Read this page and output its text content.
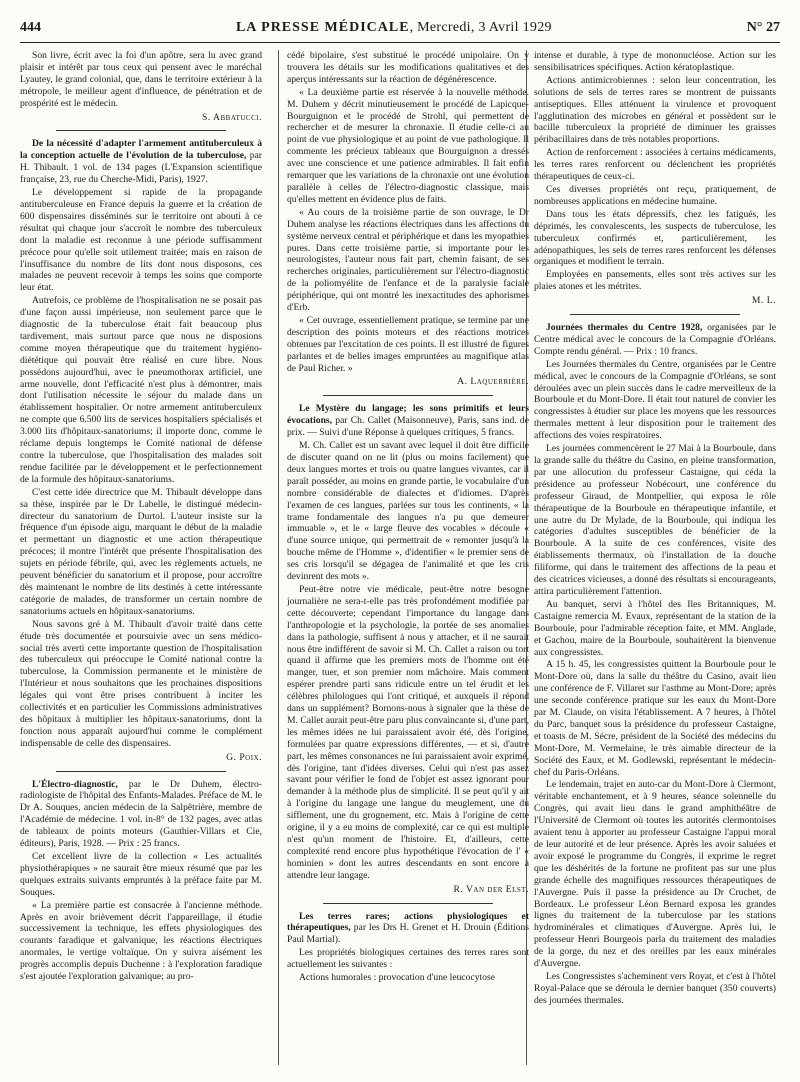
444	LA PRESSE MÉDICALE, Mercredi, 3 Avril 1929	N° 27

Son livre, écrit avec la foi d'un apôtre, sera lu avec grand plaisir et intérêt par tous ceux qui pensent avec le maréchal Lyautey, le grand colonial, que, dans le territoire extérieur à la métropole, le meilleur agent d'influence, de pénétration et de prospérité est le médecin.

S. Abbatucci.

De la nécessité d'adapter l'armement antituberculeux à la conception actuelle de l'évolution de la tuberculose, par H. Thibault. 1 vol. de 134 pages (L'Expansion scientifique française, 23, rue du Cherche-Midi, Paris), 1927.

Le développement si rapide de la propagande antituberculeuse en France depuis la guerre et la création de 600 dispensaires disséminés sur le territoire ont abouti à ce résultat qui chaque jour s'accroît le nombre des tuberculeux dont la maladie est reconnue à une période suffisamment précoce pour qu'elle soit utilement traitée; mais en raison de l'insuffisance du nombre de lits dont nous disposons, ces malades ne peuvent recevoir à temps les soins que comporte leur état.

Autrefois, ce problème de l'hospitalisation ne se posait pas d'une façon aussi impérieuse, non seulement parce que le diagnostic de la tuberculose était fait beaucoup plus tardivement, mais surtout parce que nous ne disposions comme moyen thérapeutique que du traitement hygiéno-diététique qui pouvait être réalisé en cure libre. Nous possédons aujourd'hui, avec le pneumothorax artificiel, une arme nouvelle, dont l'efficacité n'est plus à démontrer, mais dont l'utilisation nécessite le séjour du malade dans un établissement hospitalier. Or notre armement antituberculeux ne compte que 6.500 lits de services hospitaliers spécialisés et 3.000 lits d'hôpitaux-sanatoriums; il importe donc, comme le réclame depuis longtemps le Comité national de défense contre la tuberculose, que l'hospitalisation des malades soit rendue facilitée par le développement et le perfectionnement de la formule des hôpitaux-sanatoriums.

C'est cette idée directrice que M. Thibault développe dans sa thèse, inspirée par le Dr Labelle, le distingué médecin-directeur du sanatorium de Durtol. L'auteur insiste sur la fréquence d'un épisode aigu, marquant le début de la maladie et permettant un diagnostic et une action thérapeutique précoces; il montre l'intérêt que présente l'hospitalisation des sujets en période fébrile, qui, avec les règlements actuels, ne peuvent bénéficier du sanatorium et il propose, pour accroître dès maintenant le nombre de lits destinés à cette intéressante catégorie de malades, de transformer un certain nombre de sanatoriums actuels en hôpitaux-sanatoriums.

Nous savons gré à M. Thibault d'avoir traité dans cette étude très documentée et poursuivie avec un sens médico-social très averti cette importante question de l'hospitalisation des tuberculeux qui préoccupe le Comité national contre la tuberculose, la Commission permanente et le ministère de l'Intérieur et nous souhaitons que les prochaines dispositions légales qui vont être prises contribuent à inciter les collectivités et en particulier les Commissions administratives des hôpitaux à multiplier les hôpitaux-sanatoriums, dont la fonction nous apparaît aujourd'hui comme le complément indispensable de celle des dispensaires.

G. Poix.

L'Électro-diagnostic, par le Dr Duhem, électro-radiologiste de l'hôpital des Enfants-Malades. Préface de M. le Dr A. Souques, ancien médecin de la Salpêtrière, membre de l'Académie de médecine. 1 vol. in-8° de 132 pages, avec atlas de tableaux de points moteurs (Gauthier-Villars et Cie, éditeurs), Paris, 1928. — Prix : 25 francs.

Cet excellent livre de la collection « Les actualités physiothérapiques » ne saurait être mieux résumé que par les quelques extraits suivants empruntés à la préface faite par M. Souques.

« La première partie est consacrée à l'ancienne méthode. Après en avoir brièvement décrit l'appareillage, il étudie successivement la technique, les effets physiologiques des courants faradique et galvanique, les réactions électriques anormales, le vertige voltaïque. On y suivra aisément les progrès accomplis depuis Duchenne : à l'exploration faradique s'est ajoutée l'exploration galvanique; au pro-

cédé bipolaire, s'est substitué le procédé unipolaire. On y trouvera les détails sur les modifications qualitatives et des aperçus intéressants sur la réaction de dégénérescence.

« La deuxième partie est réservée à la nouvelle méthode. M. Duhem y décrit minutieusement le procédé de Lapicque-Bourguignon et le procédé de Strohl, qui permettent de rechercher et de mesurer la chronaxie. Il étudie celle-ci au point de vue physiologique et au point de vue pathologique. Il commente les précieux tableaux que Bourguignon a dressés avec une conscience et une patience admirables. Il fait enfin remarquer que les variations de la chronaxie ont une évolution parallèle à celles de l'électro-diagnostic classique, mais qu'elles mettent en évidence plus de faits.

« Au cours de la troisième partie de son ouvrage, le Dr Duhem analyse les réactions électriques dans les affections du système nerveux central et périphérique et dans les myopathies pures. Dans cette troisième partie, si importante pour les neurologistes, l'auteur nous fait part, chemin faisant, de ses recherches originales, particulièrement sur l'électro-diagnostic de la poliomyélite de l'enfance et de la paralysie faciale périphérique, qui ont montré les inexactitudes des aphorismes d'Erb.

« Cet ouvrage, essentiellement pratique, se termine par une description des points moteurs et des réactions motrices obtenues par l'excitation de ces points. Il est illustré de figures parlantes et de belles images empruntées au magnifique atlas de Paul Richer. »

A. Laquerrière.

Le Mystère du langage; les sons primitifs et leurs évocations, par Ch. Callet (Maisonneuve), Paris, sans ind. de prix. — Suivi d'une Réponse à quelques critiques, 5 francs.

M. Ch. Callet est un savant avec lequel il doit être difficile de discuter quand on ne lit (plus ou moins facilement) que deux langues mortes et trois ou quatre langues vivantes, car il paraît posséder, au moins en grande partie, le vocabulaire d'un nombre considérable de dialectes et d'idiomes. D'après l'examen de ces langues, parlées sur tous les continents, « la trame fondamentale des langues n'a pu que demeurer immuable », et le « large fleuve des vocables » découle « d'une source unique, qui permettrait de « remonter jusqu'à la bouche même de l'Homme », d'identifier « le premier sens de ses cris lorsqu'il se dégagea de l'animalité et que les cris devinrent des mots ».

Peut-être notre vie médicale, peut-être notre besogne journalière ne sera-t-elle pas très profondément modifiée par cette découverte; cependant l'importance du langage dans l'anthropologie et la psychologie, la portée de ses anomalies dans la pathologie, suffisent à nous y attacher, et il ne saurait nous être indifférent de savoir si M. Ch. Callet a raison ou tort quand il affirme que les premiers mots de l'homme ont été manger, tuer, et son premier nom mâchoire. Mais comment espérer prendre parti sans ridicule entre un tel érudit et les célèbres philologues qui l'ont critiqué, et auxquels il répond dans un supplément? Bornons-nous à signaler que la thèse de M. Callet aurait peut-être paru plus convaincante si, d'une part, les mêmes idées ne lui paraissaient avoir été, dès l'origine, formulées par quatre expressions différentes, — et si, d'autre part, les mêmes consonances ne lui paraissaient avoir exprimé, dès l'origine, tant d'idées diverses. Celui qui n'est pas assez savant pour vérifier le fond de l'objet est assez ignorant pour demander à la méthode plus de simplicité. Il se peut qu'il y ait à l'origine du langage une langue du meuglement, une du sifflement, une du grognement, etc. Mais à l'origine de cette origine, il y a eu moins de complexité, car ce qui est multiple n'est qu'un moment de l'histoire. Et, d'ailleurs, cette complexité rend encore plus hypothétique l'évocation de l' « hominien » dont les autres descendants en sont encore à attendre leur langage.

R. Van der Elst.

Les terres rares; actions physiologiques et thérapeutiques, par les Drs H. Grenet et H. Drouin (Éditions Paul Martial).

Les propriétés biologiques certaines des terres rares sont actuellement les suivantes :

Actions humorales : provocation d'une leucocytose

intense et durable, à type de mononucléose. Action sur les sensibilisatrices spécifiques. Action kératoplastique.

Actions antimicrobiennes : selon leur concentration, les solutions de sels de terres rares se montrent de puissants antiseptiques. Elles atténuent la virulence et provoquent l'agglutination des microbes en général et possèdent sur le bacille tuberculeux la propriété de diminuer les graisses péribacillaires dans de très notables proportions.

Action de renforcement : associées à certains médicaments, les terres rares renforcent ou déclenchent les propriétés thérapeutiques de ceux-ci.

Ces diverses propriétés ont reçu, pratiquement, de nombreuses applications en médecine humaine.

Dans tous les états dépressifs, chez les fatigués, les déprimés, les convalescents, les suspects de tuberculose, les tuberculeux confirmés et, particulièrement, les adénopathiques, les sels de terres rares renforcent les défenses organiques et modifient le terrain.

Employées en pansements, elles sont très actives sur les plaies atones et les métrites.

M. L.

Journées thermales du Centre 1928, organisées par le Centre médical avec le concours de la Compagnie d'Orléans. Compte rendu général. — Prix : 10 francs.

Les Journées thermales du Centre, organisées par le Centre médical, avec le concours de la Compagnie d'Orléans, se sont déroulées avec un plein succès dans le cadre merveilleux de la Bourboule et du Mont-Dore. Il était tout naturel de convier les congressistes à étudier sur place les moyens que les ressources thermales mettent à leur disposition pour le traitement des affections des voies respiratoires.

Les journées commencèrent le 27 Mai à la Bourboule, dans la grande salle du théâtre du Casino, en pleine transformation, par une allocution du professeur Castaigne, qui céda la présidence au professeur Nobécourt, une conférence du professeur Giraud, de Montpellier, qui exposa le rôle thérapeutique de la Bourboule en thérapeutique infantile, et une autre du Dr Mylade, de la Bourboule, qui indiqua les catégories d'adultes susceptibles de bénéficier de la Bourboule. A la suite de ces conférences, visite des établissements thermaux, où l'installation de la douche filiforme, qui dans le traitement des affections de la peau et des cicatrices vicieuses, a donné des résultats si encourageants, attira particulièrement l'attention.

Au banquet, servi à l'hôtel des Iles Britanniques, M. Castaigne remercia M. Evaux, représentant de la station de la Bourboule, pour l'admirable réception faite, et MM. Anglade, et Gachou, maire de la Bourboule, souhaitèrent la bienvenue aux congressistes.

A 15 h. 45, les congressistes quittent la Bourboule pour le Mont-Dore où, dans la salle du théâtre du Casino, avait lieu une conférence de F. Villaret sur l'asthme au Mont-Dore; après une seconde conférence pratique sur les eaux du Mont-Dore par M. Claude, on visita l'établissement. A 7 heures, à l'hôtel du Parc, banquet sous la présidence du professeur Castaigne, et toasts de M. Sécre, président de la Société des médecins du Mont-Dore, M. Vermelaine, le très aimable directeur de la Société des Eaux, et M. Godlewski, représentant le médecin-chef du Paris-Orléans.

Le lendemain, trajet en auto-car du Mont-Dore à Clermont, véritable enchantement, et à 9 heures, séance solennelle du Congrès, qui avait lieu dans le grand amphithéâtre de l'Université de Clermont où toutes les autorités clermontoises avaient tenu à apporter au professeur Castaigne l'appui moral de leur autorité et de leur présence. Après les avoir saluées et avoir exposé le programme du Congrès, il exprime le regret que les déshérités de la fortune ne profitent pas sur une plus grande échelle des magnifiques ressources thérapeutiques de l'Auvergne. Puis il passe la présidence au Dr Cruchet, de Bordeaux. Le professeur Léon Bernard exposa les grandes lignes du traitement de la tuberculose par les stations hydrominérales et climatiques d'Auvergne. Après lui, le professeur Henri Bourgeois parla du traitement des maladies de la gorge, du nez et des oreilles par les eaux minérales d'Auvergne.

Les Congressistes s'acheminent vers Royat, et c'est à l'hôtel Royal-Palace que se déroula le dernier banquet (350 couverts) des journées thermales.
